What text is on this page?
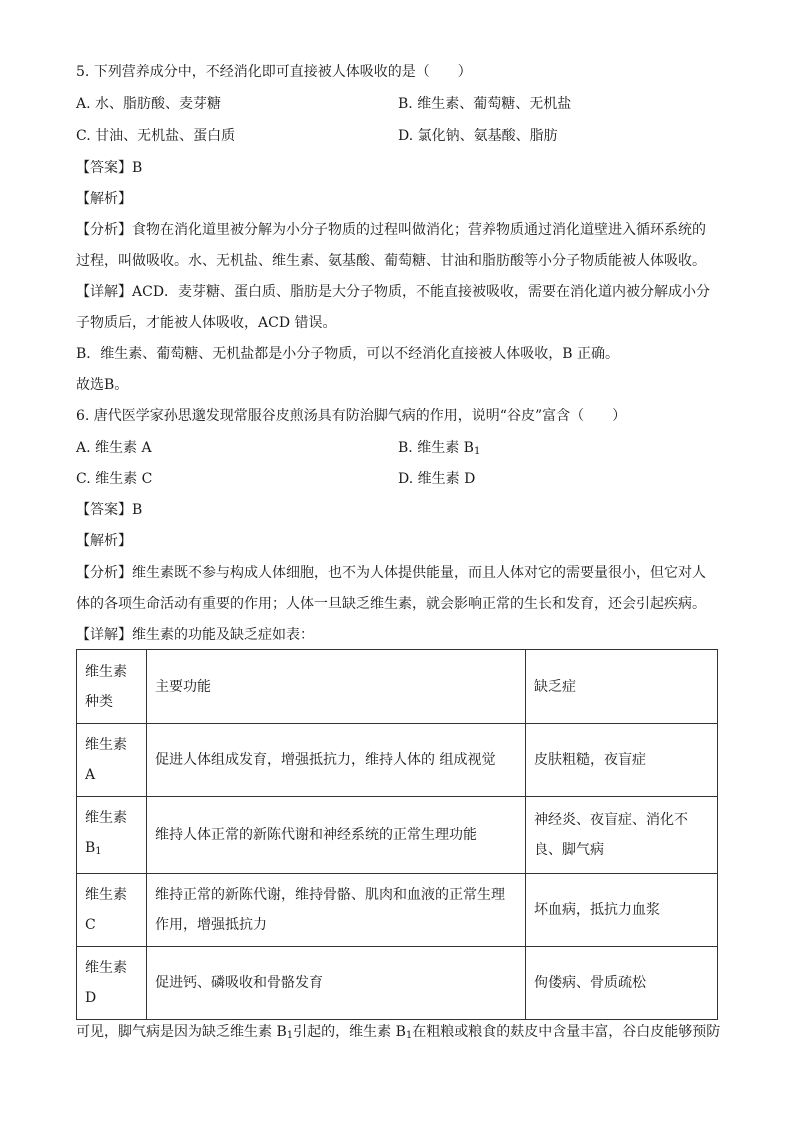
5. 下列营养成分中，不经消化即可直接被人体吸收的是（　　）
A. 水、脂肪酸、麦芽糖	B. 维生素、葡萄糖、无机盐
C. 甘油、无机盐、蛋白质	D. 氯化钠、氨基酸、脂肪
【答案】B
【解析】
【分析】食物在消化道里被分解为小分子物质的过程叫做消化；营养物质通过消化道壁进入循环系统的
过程，叫做吸收。水、无机盐、维生素、氨基酸、葡萄糖、甘油和脂肪酸等小分子物质能被人体吸收。
【详解】ACD．麦芽糖、蛋白质、脂肪是大分子物质，不能直接被吸收，需要在消化道内被分解成小分
子物质后，才能被人体吸收，ACD 错误。
B．维生素、葡萄糖、无机盐都是小分子物质，可以不经消化直接被人体吸收，B 正确。
故选B。
6. 唐代医学家孙思邈发现常服谷皮煎汤具有防治脚气病的作用，说明“谷皮”富含（　　）
A. 维生素 A	B. 维生素 $B_1$
C. 维生素 C	D. 维生素 D
【答案】B
【解析】
【分析】维生素既不参与构成人体细胞，也不为人体提供能量，而且人体对它的需要量很小，但它对人
体的各项生命活动有重要的作用；人体一旦缺乏维生素，就会影响正常的生长和发育，还会引起疾病。
【详解】维生素的功能及缺乏症如表：
维生素
种类	主要功能	缺乏症

维生素
A	促进人体组成发育，增强抵抗力，维持人体的 组成视觉	皮肤粗糙，夜盲症

维生素
$B_1$	维持人体正常的新陈代谢和神经系统的正常生理功能	神经炎、夜盲症、消化不良、脚气病

维生素
C	维持正常的新陈代谢，维持骨骼、肌肉和血液的正常生理作用，增强抵抗力	坏血病，抵抗力血浆

维生素
D	促进钙、磷吸收和骨骼发育	佝偻病、骨质疏松
可见，脚气病是因为缺乏维生素 $B_1$引起的，维生素 $B_1$在粗粮或粮食的麸皮中含量丰富，谷白皮能够预防
